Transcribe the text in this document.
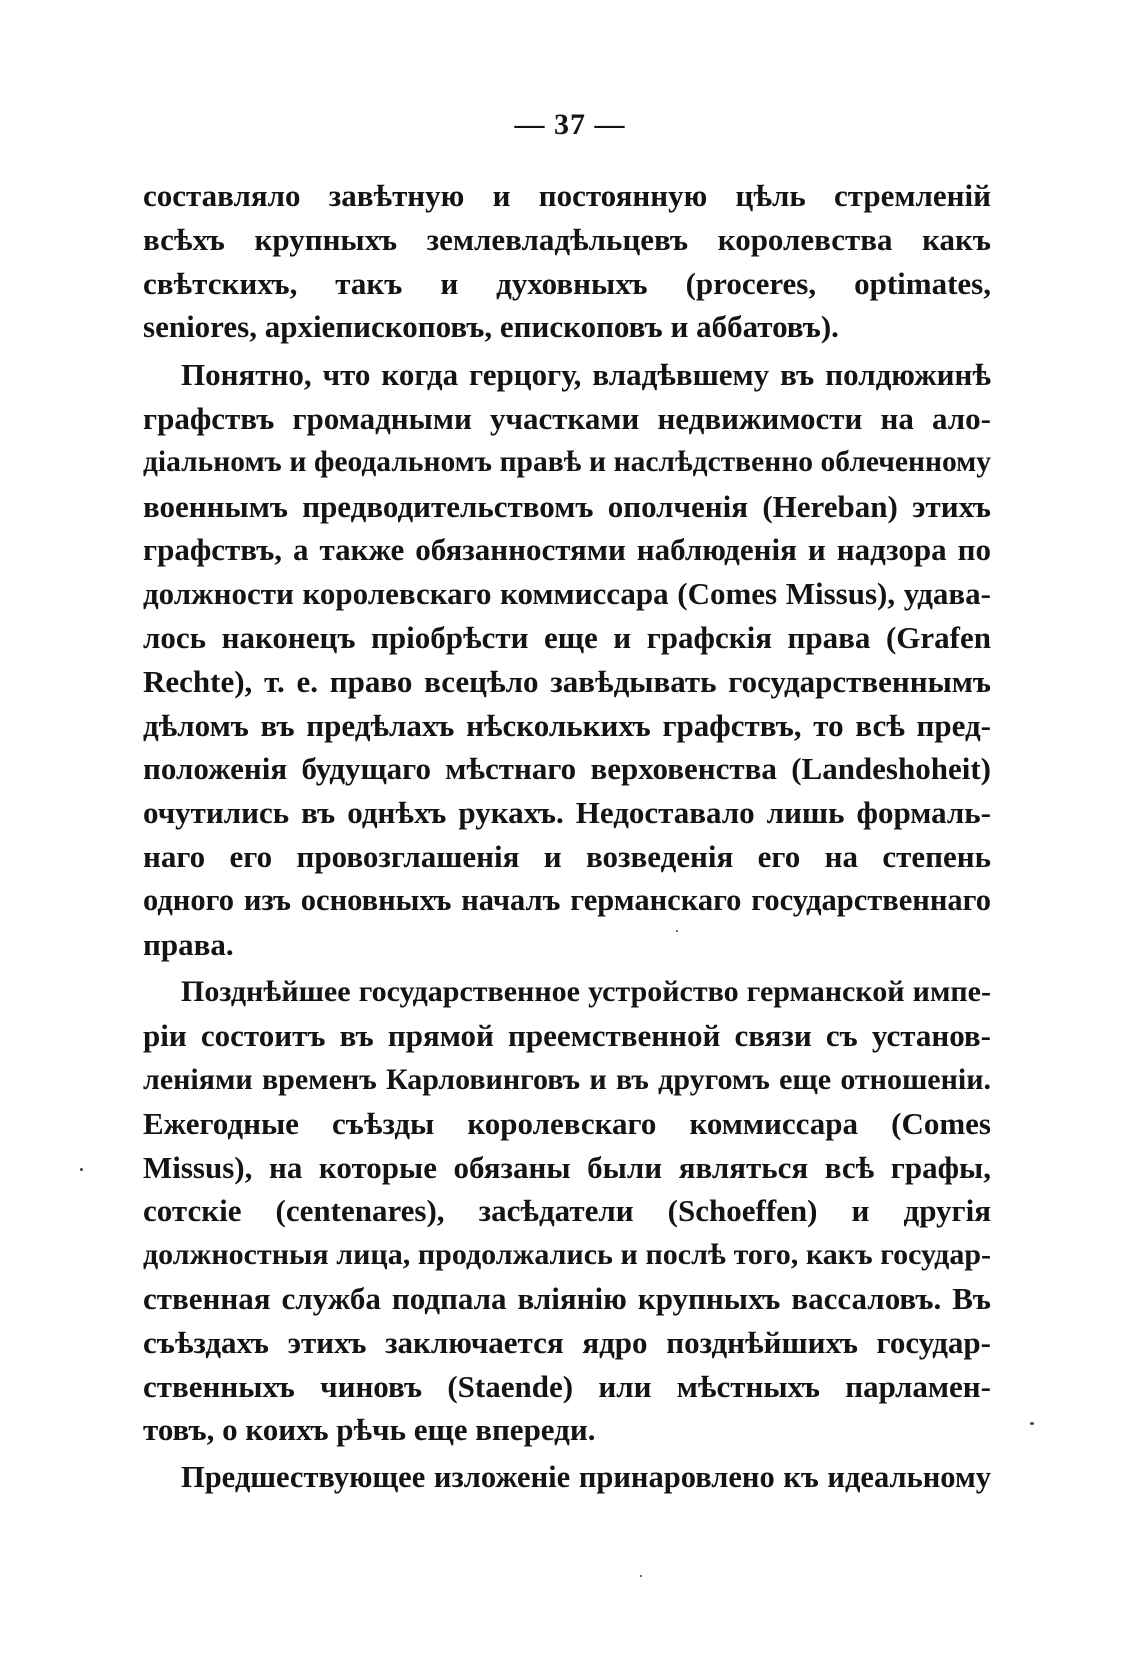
— 37 —
составляло завѣтную и постоянную цѣль стремленій
всѣхъ крупныхъ землевладѣльцевъ королевства какъ
свѣтскихъ, такъ и духовныхъ (proceres, optimates,
seniores, архіепископовъ, епископовъ и аббатовъ).
Понятно, что когда герцогу, владѣвшему въ полдюжинѣ
графствъ громадными участками недвижимости на ало-
діальномъ и феодальномъ правѣ и наслѣдственно облеченному
военнымъ предводительствомъ ополченія (Hereban) этихъ
графствъ, а также обязанностями наблюденія и надзора по
должности королевскаго коммиссара (Comes Missus), удава-
лось наконецъ пріобрѣсти еще и графскія права (Grafen
Rechte), т. е. право всецѣло завѣдывать государственнымъ
дѣломъ въ предѣлахъ нѣсколькихъ графствъ, то всѣ пред-
положенія будущаго мѣстнаго верховенства (Landeshoheit)
очутились въ однѣхъ рукахъ. Недоставало лишь формаль-
наго его провозглашенія и возведенія его на степень
одного изъ основныхъ началъ германскаго государственнаго
права.
Позднѣйшее государственное устройство германской импе-
ріи состоитъ въ прямой преемственной связи съ установ-
леніями временъ Карловинговъ и въ другомъ еще отношеніи.
Ежегодные съѣзды королевскаго коммиссара (Comes
Missus), на которые обязаны были являться всѣ графы,
сотскіе (centenares), засѣдатели (Schoeffen) и другія
должностныя лица, продолжались и послѣ того, какъ государ-
ственная служба подпала вліянію крупныхъ вассаловъ. Въ
съѣздахъ этихъ заключается ядро позднѣйшихъ государ-
ственныхъ чиновъ (Staende) или мѣстныхъ парламен-
товъ, о коихъ рѣчь еще впереди.
Предшествующее изложеніе принаровлено къ идеальному
